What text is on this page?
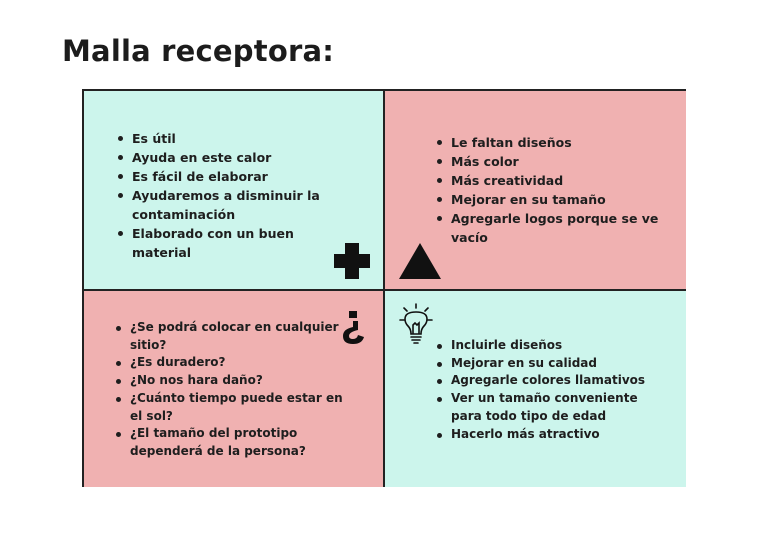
Malla receptora:
Es útil
Ayuda en este calor
Es fácil de elaborar
Ayudaremos a disminuir la contaminación
Elaborado con un buen material
Le faltan diseños
Más color
Más creatividad
Mejorar en su tamaño
Agregarle logos porque se ve vacío
¿Se podrá colocar en cualquier sitio?
¿Es duradero?
¿No nos hara daño?
¿Cuánto tiempo puede estar en el sol?
¿El tamaño del prototipo dependerá de la persona?
Incluirle diseños
Mejorar en su calidad
Agregarle colores llamativos
Ver un tamaño conveniente para todo tipo de edad
Hacerlo más atractivo
